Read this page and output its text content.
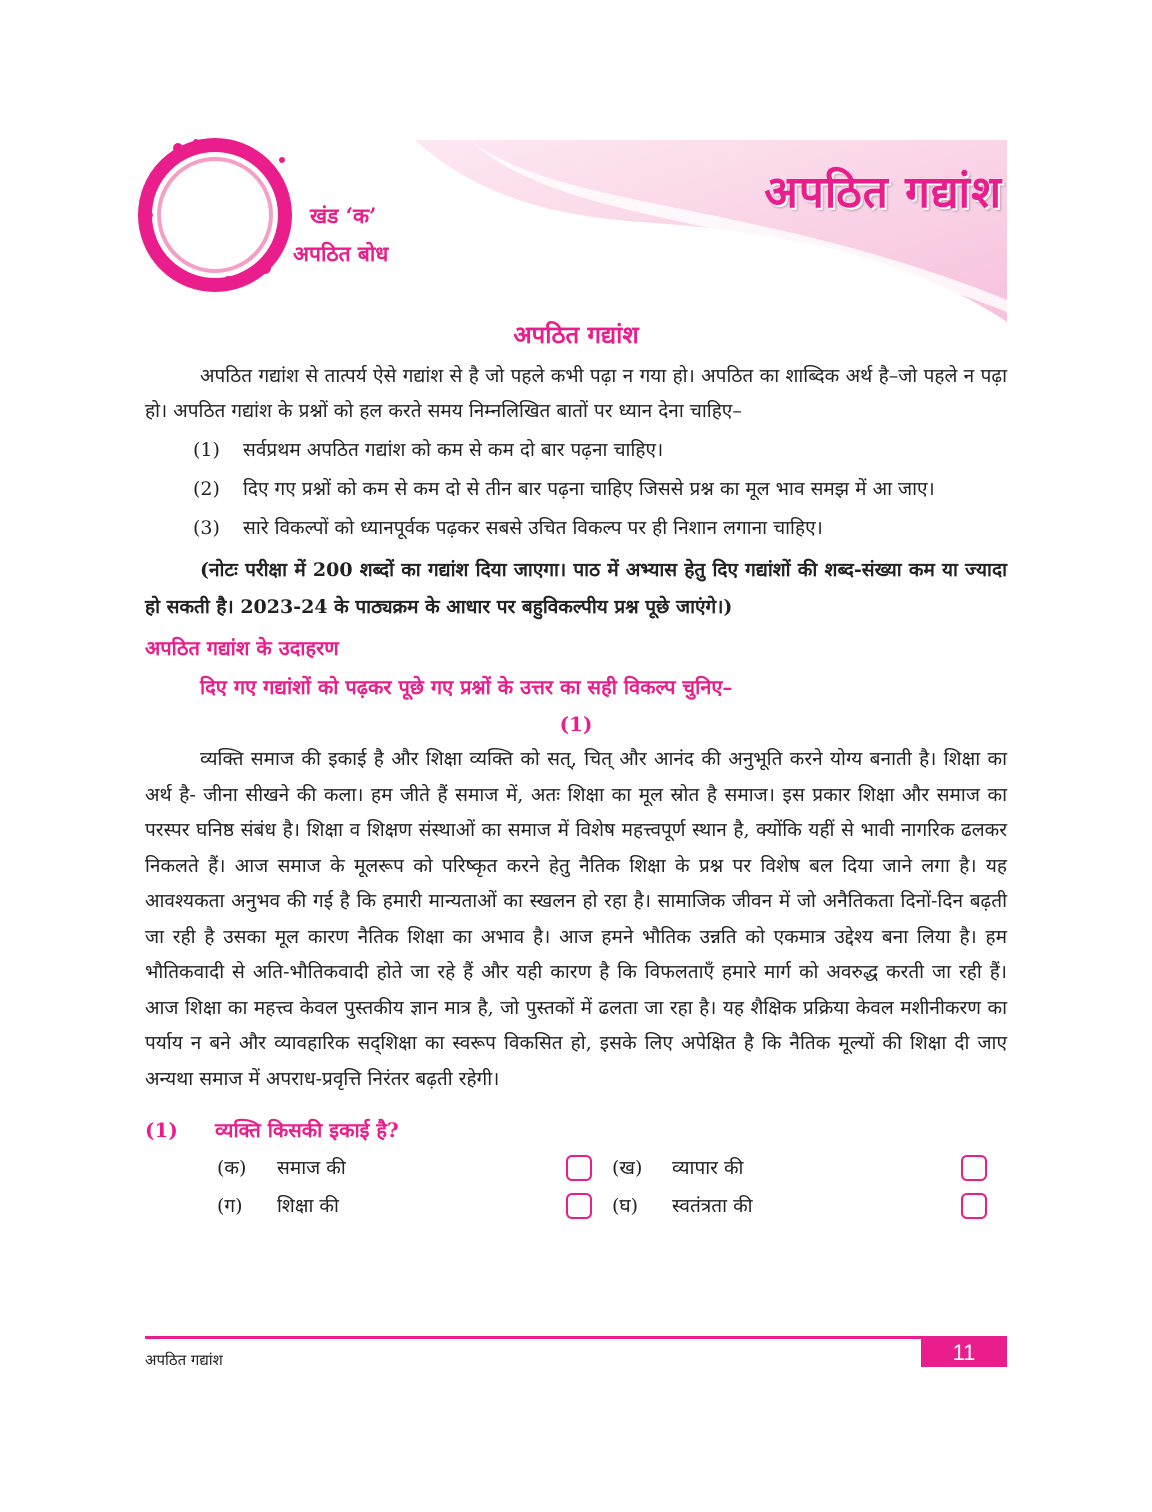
अपठित गद्यांश
खंड ‘क’
अपठित बोध
अपठित गद्यांश

अपठित गद्यांश से तात्पर्य ऐसे गद्यांश से है जो पहले कभी पढ़ा न गया हो। अपठित का शाब्दिक अर्थ है–जो पहले न पढ़ा हो। अपठित गद्यांश के प्रश्नों को हल करते समय निम्नलिखित बातों पर ध्यान देना चाहिए–

(1)	सर्वप्रथम अपठित गद्यांश को कम से कम दो बार पढ़ना चाहिए।
(2)	दिए गए प्रश्नों को कम से कम दो से तीन बार पढ़ना चाहिए जिससे प्रश्न का मूल भाव समझ में आ जाए।
(3)	सारे विकल्पों को ध्यानपूर्वक पढ़कर सबसे उचित विकल्प पर ही निशान लगाना चाहिए।

(नोटः परीक्षा में 200 शब्दों का गद्यांश दिया जाएगा। पाठ में अभ्यास हेतु दिए गद्यांशों की शब्द-संख्या कम या ज्यादा हो सकती है। 2023-24 के पाठ्यक्रम के आधार पर बहुविकल्पीय प्रश्न पूछे जाएंगे।)

अपठित गद्यांश के उदाहरण
दिए गए गद्यांशों को पढ़कर पूछे गए प्रश्नों के उत्तर का सही विकल्प चुनिए–
(1)

व्यक्ति समाज की इकाई है और शिक्षा व्यक्ति को सत्, चित् और आनंद की अनुभूति करने योग्य बनाती है। शिक्षा का अर्थ है- जीना सीखने की कला। हम जीते हैं समाज में, अतः शिक्षा का मूल स्रोत है समाज। इस प्रकार शिक्षा और समाज का परस्पर घनिष्ठ संबंध है। शिक्षा व शिक्षण संस्थाओं का समाज में विशेष महत्त्वपूर्ण स्थान है, क्योंकि यहीं से भावी नागरिक ढलकर निकलते हैं। आज समाज के मूलरूप को परिष्कृत करने हेतु नैतिक शिक्षा के प्रश्न पर विशेष बल दिया जाने लगा है। यह आवश्यकता अनुभव की गई है कि हमारी मान्यताओं का स्खलन हो रहा है। सामाजिक जीवन में जो अनैतिकता दिनों-दिन बढ़ती जा रही है उसका मूल कारण नैतिक शिक्षा का अभाव है। आज हमने भौतिक उन्नति को एकमात्र उद्देश्य बना लिया है। हम भौतिकवादी से अति-भौतिकवादी होते जा रहे हैं और यही कारण है कि विफलताएँ हमारे मार्ग को अवरुद्ध करती जा रही हैं। आज शिक्षा का महत्त्व केवल पुस्तकीय ज्ञान मात्र है, जो पुस्तकों में ढलता जा रहा है। यह शैक्षिक प्रक्रिया केवल मशीनीकरण का पर्याय न बने और व्यावहारिक सद्शिक्षा का स्वरूप विकसित हो, इसके लिए अपेक्षित है कि नैतिक मूल्यों की शिक्षा दी जाए अन्यथा समाज में अपराध-प्रवृत्ति निरंतर बढ़ती रहेगी।

(1)	व्यक्ति किसकी इकाई है?
(क)	समाज की	(ख)	व्यापार की
(ग)	शिक्षा की	(घ)	स्वतंत्रता की
अपठित गद्यांश	11
